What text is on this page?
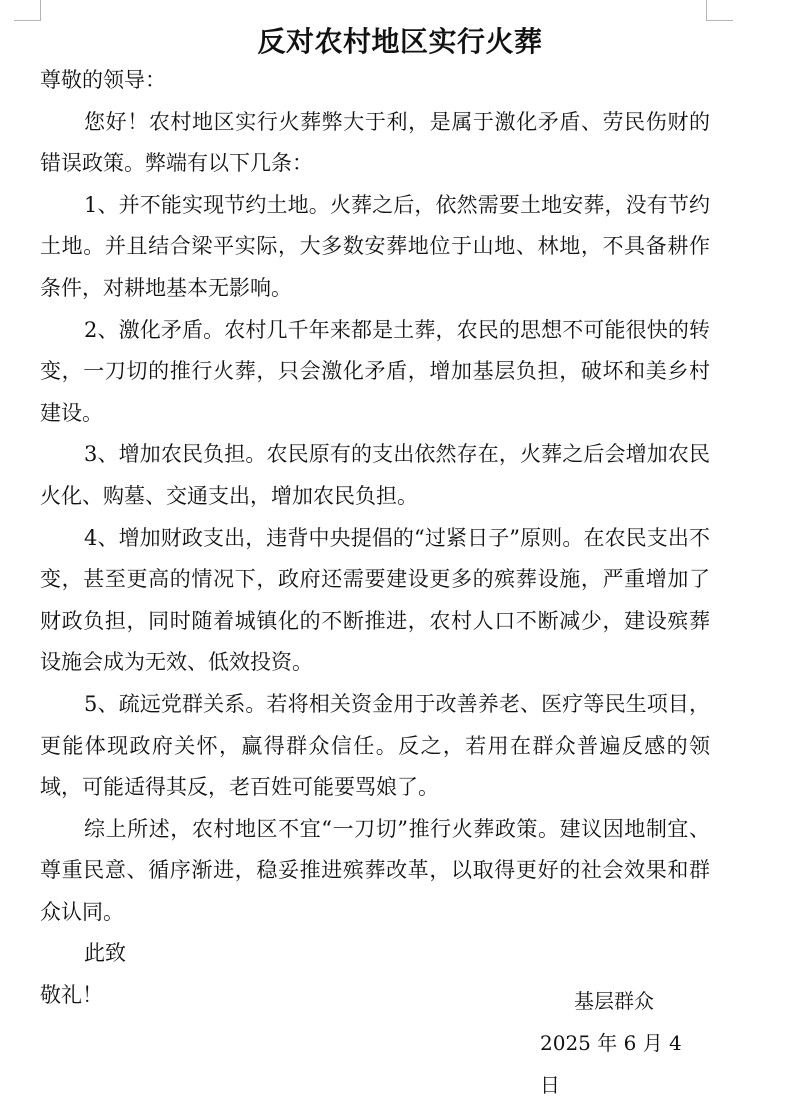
反对农村地区实行火葬

尊敬的领导：

您好！农村地区实行火葬弊大于利，是属于激化矛盾、劳民伤财的错误政策。弊端有以下几条：

1、并不能实现节约土地。火葬之后，依然需要土地安葬，没有节约土地。并且结合梁平实际，大多数安葬地位于山地、林地，不具备耕作条件，对耕地基本无影响。

2、激化矛盾。农村几千年来都是土葬，农民的思想不可能很快的转变，一刀切的推行火葬，只会激化矛盾，增加基层负担，破坏和美乡村建设。

3、增加农民负担。农民原有的支出依然存在，火葬之后会增加农民火化、购墓、交通支出，增加农民负担。

4、增加财政支出，违背中央提倡的“过紧日子”原则。在农民支出不变，甚至更高的情况下，政府还需要建设更多的殡葬设施，严重增加了财政负担，同时随着城镇化的不断推进，农村人口不断减少，建设殡葬设施会成为无效、低效投资。

5、疏远党群关系。若将相关资金用于改善养老、医疗等民生项目，更能体现政府关怀，赢得群众信任。反之，若用在群众普遍反感的领域，可能适得其反，老百姓可能要骂娘了。

综上所述，农村地区不宜“一刀切”推行火葬政策。建议因地制宜、尊重民意、循序渐进，稳妥推进殡葬改革，以取得更好的社会效果和群众认同。

此致

敬礼！	基层群众
2025 年 6 月 4 日
